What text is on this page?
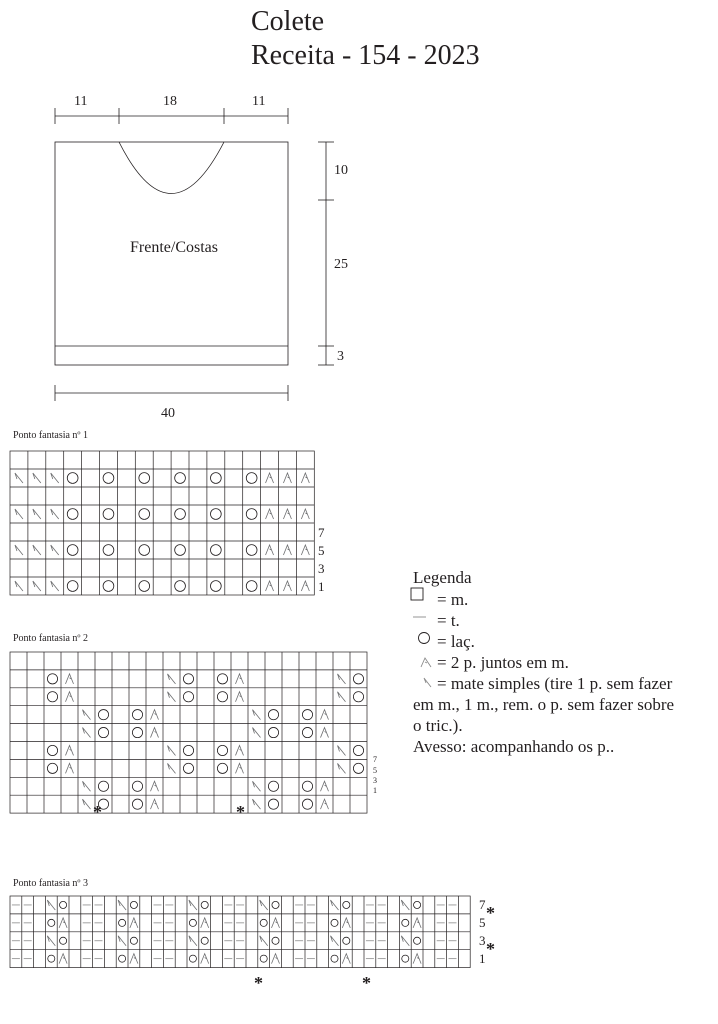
Colete
Receita - 154 - 2023
11	18	11
Frente/Costas
10
25
3
40
Ponto fantasia nº 1
Ponto fantasia nº 2
Ponto fantasia nº 3
7
5
3
1
7
5
3
1
*	*
7 *
5
3 *
1
*	*
Legenda
= m.
= t.
= laç.
= 2 p. juntos em m.
= mate simples (tire 1 p. sem fazer
em m., 1 m., rem. o p. sem fazer sobre
o tric.).
Avesso: acompanhando os p..
